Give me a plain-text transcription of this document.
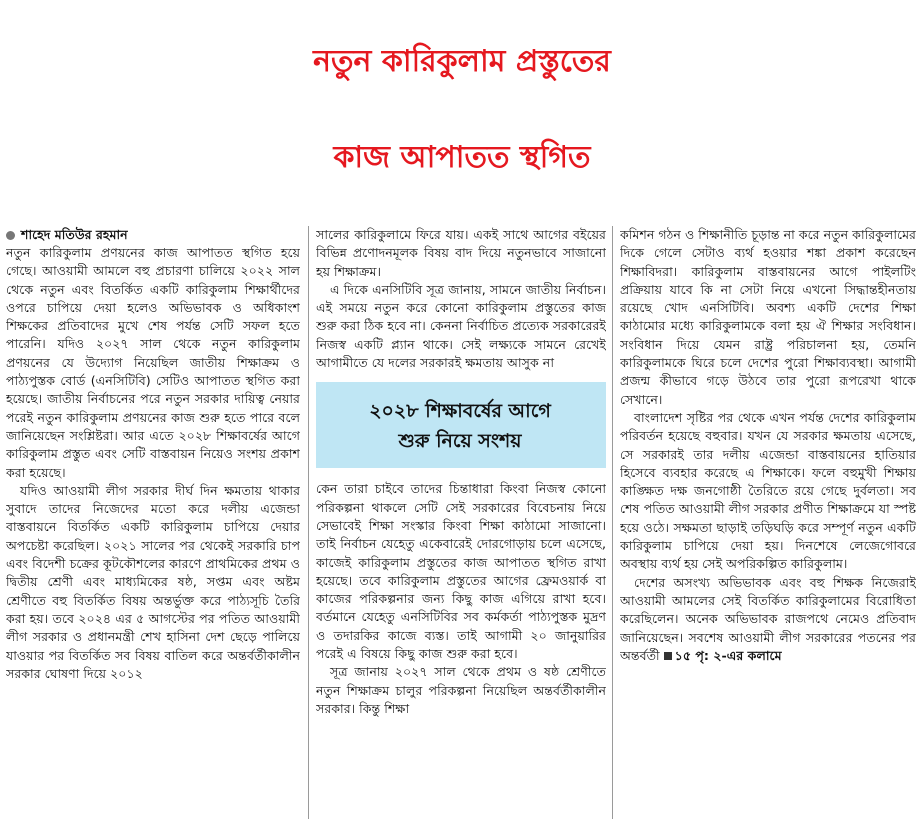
নতুন কারিকুলাম প্রস্তুতের
কাজ আপাতত স্থগিত
শাহেদ মতিউর রহমান

নতুন কারিকুলাম প্রণয়নের কাজ আপাতত স্থগিত হয়ে গেছে। আওয়ামী আমলে বহু প্রচারণা চালিয়ে ২০২২ সাল থেকে নতুন এবং বিতর্কিত একটি কারিকুলাম শিক্ষার্থীদের ওপরে চাপিয়ে দেয়া হলেও অভিভাবক ও অধিকাংশ শিক্ষকের প্রতিবাদের মুখে শেষ পর্যন্ত সেটি সফল হতে পারেনি। যদিও ২০২৭ সাল থেকে নতুন কারিকুলাম প্রণয়নের যে উদ্যোগ নিয়েছিল জাতীয় শিক্ষাক্রম ও পাঠ্যপুস্তক বোর্ড (এনসিটিবি) সেটিও আপাতত স্থগিত করা হয়েছে। জাতীয় নির্বাচনের পরে নতুন সরকার দায়িত্ব নেয়ার পরেই নতুন কারিকুলাম প্রণয়নের কাজ শুরু হতে পারে বলে জানিয়েছেন সংশ্লিষ্টরা। আর এতে ২০২৮ শিক্ষাবর্ষের আগে কারিকুলাম প্রস্তুত এবং সেটি বাস্তবায়ন নিয়েও সংশয় প্রকাশ করা হয়েছে।

যদিও আওয়ামী লীগ সরকার দীর্ঘ দিন ক্ষমতায় থাকার সুবাদে তাদের নিজেদের মতো করে দলীয় এজেন্ডা বাস্তবায়নে বিতর্কিত একটি কারিকুলাম চাপিয়ে দেয়ার অপচেষ্টা করেছিল। ২০২১ সালের পর থেকেই সরকারি চাপ এবং বিদেশী চক্রের কূটকৌশলের কারণে প্রাথমিকের প্রথম ও দ্বিতীয় শ্রেণী এবং মাধ্যমিকের ষষ্ঠ, সপ্তম এবং অষ্টম শ্রেণীতে বহু বিতর্কিত বিষয় অন্তর্ভুক্ত করে পাঠ্যসূচি তৈরি করা হয়। তবে ২০২৪ এর ৫ আগস্টের পর পতিত আওয়ামী লীগ সরকার ও প্রধানমন্ত্রী শেখ হাসিনা দেশ ছেড়ে পালিয়ে যাওয়ার পর বিতর্কিত সব বিষয় বাতিল করে অন্তর্বর্তীকালীন সরকার ঘোষণা দিয়ে ২০১২

সালের কারিকুলামে ফিরে যায়। একই সাথে আগের বইয়ের বিভিন্ন প্রণোদনমূলক বিষয় বাদ দিয়ে নতুনভাবে সাজানো হয় শিক্ষাক্রম।

এ দিকে এনসিটিবি সূত্র জানায়, সামনে জাতীয় নির্বাচন। এই সময়ে নতুন করে কোনো কারিকুলাম প্রস্তুতের কাজ শুরু করা ঠিক হবে না। কেননা নির্বাচিত প্রত্যেক সরকারেরই নিজস্ব একটি প্ল্যান থাকে। সেই লক্ষ্যকে সামনে রেখেই আগামীতে যে দলের সরকারই ক্ষমতায় আসুক না

২০২৮ শিক্ষাবর্ষের আগে
শুরু নিয়ে সংশয়

কেন তারা চাইবে তাদের চিন্তাধারা কিংবা নিজস্ব কোনো পরিকল্পনা থাকলে সেটি সেই সরকারের বিবেচনায় নিয়ে সেভাবেই শিক্ষা সংস্কার কিংবা শিক্ষা কাঠামো সাজানো। তাই নির্বাচন যেহেতু একেবারেই দোরগোড়ায় চলে এসেছে, কাজেই কারিকুলাম প্রস্তুতের কাজ আপাতত স্থগিত রাখা হয়েছে। তবে কারিকুলাম প্রস্তুতের আগের ফ্রেমওয়ার্ক বা কাজের পরিকল্পনার জন্য কিছু কাজ এগিয়ে রাখা হবে। বর্তমানে যেহেতু এনসিটিবির সব কর্মকর্তা পাঠ্যপুস্তক মুদ্রণ ও তদারকির কাজে ব্যস্ত। তাই আগামী ২০ জানুয়ারির পরেই এ বিষয়ে কিছু কাজ শুরু করা হবে।

সূত্র জানায় ২০২৭ সাল থেকে প্রথম ও ষষ্ঠ শ্রেণীতে নতুন শিক্ষাক্রম চালুর পরিকল্পনা নিয়েছিল অন্তর্বর্তীকালীন সরকার। কিন্তু শিক্ষা

কমিশন গঠন ও শিক্ষানীতি চূড়ান্ত না করে নতুন কারিকুলামের দিকে গেলে সেটাও ব্যর্থ হওয়ার শঙ্কা প্রকাশ করেছেন শিক্ষাবিদরা। কারিকুলাম বাস্তবায়নের আগে পাইলটিং প্রক্রিয়ায় যাবে কি না সেটা নিয়ে এখনো সিদ্ধান্তহীনতায় রয়েছে খোদ এনসিটিবি। অবশ্য একটি দেশের শিক্ষা কাঠামোর মধ্যে কারিকুলামকে বলা হয় ঐ শিক্ষার সংবিধান। সংবিধান দিয়ে যেমন রাষ্ট্র পরিচালনা হয়, তেমনি কারিকুলামকে ঘিরে চলে দেশের পুরো শিক্ষাব্যবস্থা। আগামী প্রজন্ম কীভাবে গড়ে উঠবে তার পুরো রূপরেখা থাকে সেখানে।

বাংলাদেশ সৃষ্টির পর থেকে এখন পর্যন্ত দেশের কারিকুলাম পরিবর্তন হয়েছে বহুবার। যখন যে সরকার ক্ষমতায় এসেছে, সে সরকারই তার দলীয় এজেন্ডা বাস্তবায়নের হাতিয়ার হিসেবে ব্যবহার করেছে এ শিক্ষাকে। ফলে বহুমুখী শিক্ষায় কাঙ্ক্ষিত দক্ষ জনগোষ্ঠী তৈরিতে রয়ে গেছে দুর্বলতা। সব শেষ পতিত আওয়ামী লীগ সরকার প্রণীত শিক্ষাক্রমে যা স্পষ্ট হয়ে ওঠে। সক্ষমতা ছাড়াই তড়িঘড়ি করে সম্পূর্ণ নতুন একটি কারিকুলাম চাপিয়ে দেয়া হয়। দিনশেষে লেজেগোবরে অবস্থায় ব্যর্থ হয় সেই অপরিকল্পিত কারিকুলাম।

দেশের অসংখ্য অভিভাবক এবং বহু শিক্ষক নিজেরাই আওয়ামী আমলের সেই বিতর্কিত কারিকুলামের বিরোধিতা করেছিলেন। অনেক অভিভাবক রাজপথে নেমেও প্রতিবাদ জানিয়েছেন। সবশেষ আওয়ামী লীগ সরকারের পতনের পর অন্তর্বর্তী ১৫ পৃ: ২-এর কলামে
